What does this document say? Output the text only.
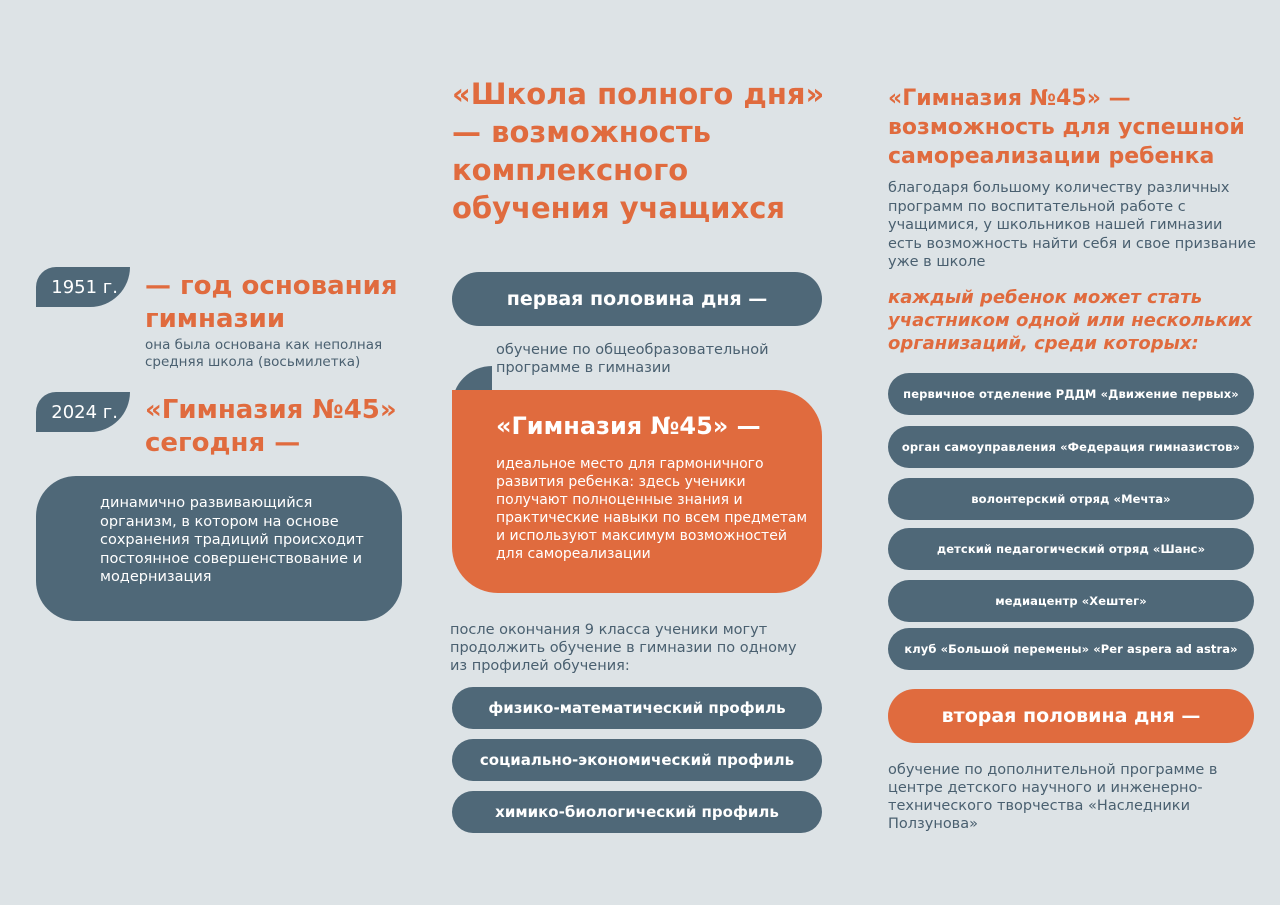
1951 г. — год основания гимназии
она была основана как неполная средняя школа (восьмилетка)
2024 г. «Гимназия №45»
сегодня —
динамично развивающийся организм, в котором на основе сохранения традиций происходит постоянное совершенствование и модернизация
«Школа полного дня» — возможность комплексного обучения учащихся
первая половина дня —
обучение по общеобразовательной программе в гимназии
«Гимназия №45» —
идеальное место для гармоничного развития ребенка: здесь ученики получают полноценные знания и практические навыки по всем предметам и используют максимум возможностей для самореализации
после окончания 9 класса ученики могут продолжить обучение в гимназии по одному из профилей обучения:
физико-математический профиль
социально-экономический профиль
химико-биологический профиль
«Гимназия №45» — возможность для успешной самореализации ребенка
благодаря большому количеству различных программ по воспитательной работе с учащимися, у школьников нашей гимназии есть возможность найти себя и свое призвание уже в школе
каждый ребенок может стать участником одной или нескольких организаций, среди которых:
первичное отделение РДДМ «Движение первых»
орган самоуправления «Федерация гимназистов»
волонтерский отряд «Мечта»
детский педагогический отряд «Шанс»
медиацентр «Хештег»
клуб «Большой перемены» «Per aspera ad astra»
вторая половина дня —
обучение по дополнительной программе в центре детского научного и инженерно-технического творчества «Наследники Ползунова»
